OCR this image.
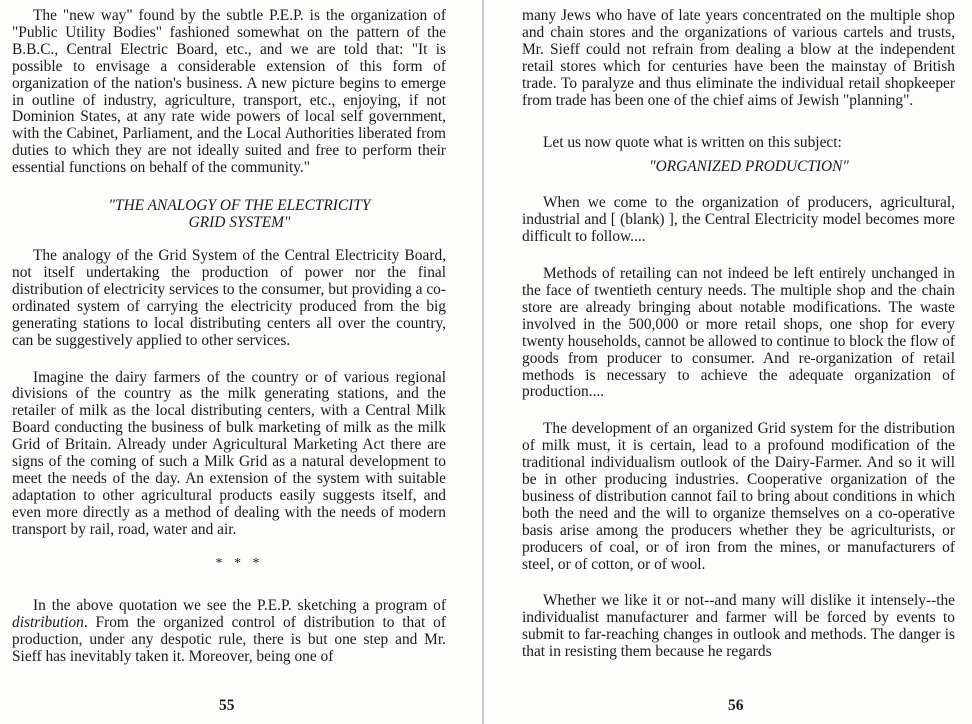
The "new way" found by the subtle P.E.P. is the organization of "Public Utility Bodies" fashioned somewhat on the pattern of the B.B.C., Central Electric Board, etc., and we are told that: "It is possible to envisage a considerable extension of this form of organization of the nation's business. A new picture begins to emerge in outline of industry, agriculture, transport, etc., enjoying, if not Dominion States, at any rate wide powers of local self government, with the Cabinet, Parliament, and the Local Authorities liberated from duties to which they are not ideally suited and free to perform their essential functions on behalf of the community."

"THE ANALOGY OF THE ELECTRICITY
GRID SYSTEM"

The analogy of the Grid System of the Central Electricity Board, not itself undertaking the production of power nor the final distribution of electricity services to the consumer, but providing a co-ordinated system of carrying the electricity produced from the big generating stations to local distributing centers all over the country, can be suggestively applied to other services.

Imagine the dairy farmers of the country or of various regional divisions of the country as the milk generating stations, and the retailer of milk as the local distributing centers, with a Central Milk Board conducting the business of bulk marketing of milk as the milk Grid of Britain. Already under Agricultural Marketing Act there are signs of the coming of such a Milk Grid as a natural development to meet the needs of the day. An extension of the system with suitable adaptation to other agricultural products easily suggests itself, and even more directly as a method of dealing with the needs of modern transport by rail, road, water and air.

* * *

In the above quotation we see the P.E.P. sketching a program of distribution. From the organized control of distribution to that of production, under any despotic rule, there is but one step and Mr. Sieff has inevitably taken it. Moreover, being one of

55

many Jews who have of late years concentrated on the multiple shop and chain stores and the organizations of various cartels and trusts, Mr. Sieff could not refrain from dealing a blow at the independent retail stores which for centuries have been the mainstay of British trade. To paralyze and thus eliminate the individual retail shopkeeper from trade has been one of the chief aims of Jewish "planning".

Let us now quote what is written on this subject:

"ORGANIZED PRODUCTION"

When we come to the organization of producers, agricultural, industrial and [ (blank) ], the Central Electricity model becomes more difficult to follow....

Methods of retailing can not indeed be left entirely unchanged in the face of twentieth century needs. The multiple shop and the chain store are already bringing about notable modifications. The waste involved in the 500,000 or more retail shops, one shop for every twenty households, cannot be allowed to continue to block the flow of goods from producer to consumer. And re-organization of retail methods is necessary to achieve the adequate organization of production....

The development of an organized Grid system for the distribution of milk must, it is certain, lead to a profound modification of the traditional individualism outlook of the Dairy-Farmer. And so it will be in other producing industries. Cooperative organization of the business of distribution cannot fail to bring about conditions in which both the need and the will to organize themselves on a co-operative basis arise among the producers whether they be agriculturists, or producers of coal, or of iron from the mines, or manufacturers of steel, or of cotton, or of wool.

Whether we like it or not--and many will dislike it intensely--the individualist manufacturer and farmer will be forced by events to submit to far-reaching changes in outlook and methods. The danger is that in resisting them because he regards

56
